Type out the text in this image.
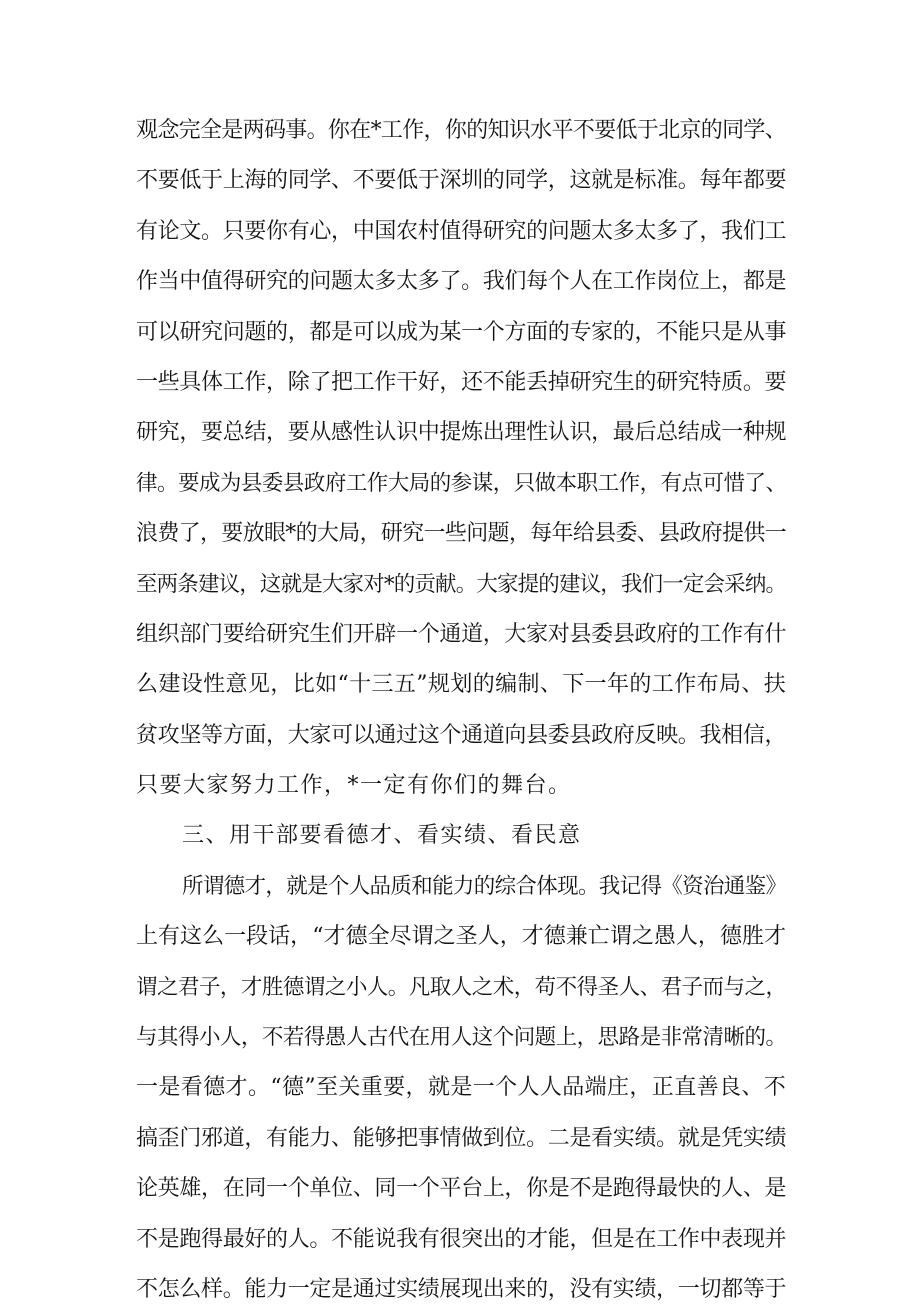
观念完全是两码事。你在*工作，你的知识水平不要低于北京的同学、
不要低于上海的同学、不要低于深圳的同学，这就是标准。每年都要
有论文。只要你有心，中国农村值得研究的问题太多太多了，我们工
作当中值得研究的问题太多太多了。我们每个人在工作岗位上，都是
可以研究问题的，都是可以成为某一个方面的专家的，不能只是从事
一些具体工作，除了把工作干好，还不能丢掉研究生的研究特质。要
研究，要总结，要从感性认识中提炼出理性认识，最后总结成一种规
律。要成为县委县政府工作大局的参谋，只做本职工作，有点可惜了、
浪费了，要放眼*的大局，研究一些问题，每年给县委、县政府提供一
至两条建议，这就是大家对*的贡献。大家提的建议，我们一定会采纳。
组织部门要给研究生们开辟一个通道，大家对县委县政府的工作有什
么建设性意见，比如“十三五”规划的编制、下一年的工作布局、扶
贫攻坚等方面，大家可以通过这个通道向县委县政府反映。我相信，
只要大家努力工作，*一定有你们的舞台。
三、用干部要看德才、看实绩、看民意
所谓德才，就是个人品质和能力的综合体现。我记得《资治通鉴》
上有这么一段话，“才德全尽谓之圣人，才德兼亡谓之愚人，德胜才
谓之君子，才胜德谓之小人。凡取人之术，苟不得圣人、君子而与之，
与其得小人，不若得愚人古代在用人这个问题上，思路是非常清晰的。
一是看德才。“德”至关重要，就是一个人人品端庄，正直善良、不
搞歪门邪道，有能力、能够把事情做到位。二是看实绩。就是凭实绩
论英雄，在同一个单位、同一个平台上，你是不是跑得最快的人、是
不是跑得最好的人。不能说我有很突出的才能，但是在工作中表现并
不怎么样。能力一定是通过实绩展现出来的，没有实绩，一切都等于
